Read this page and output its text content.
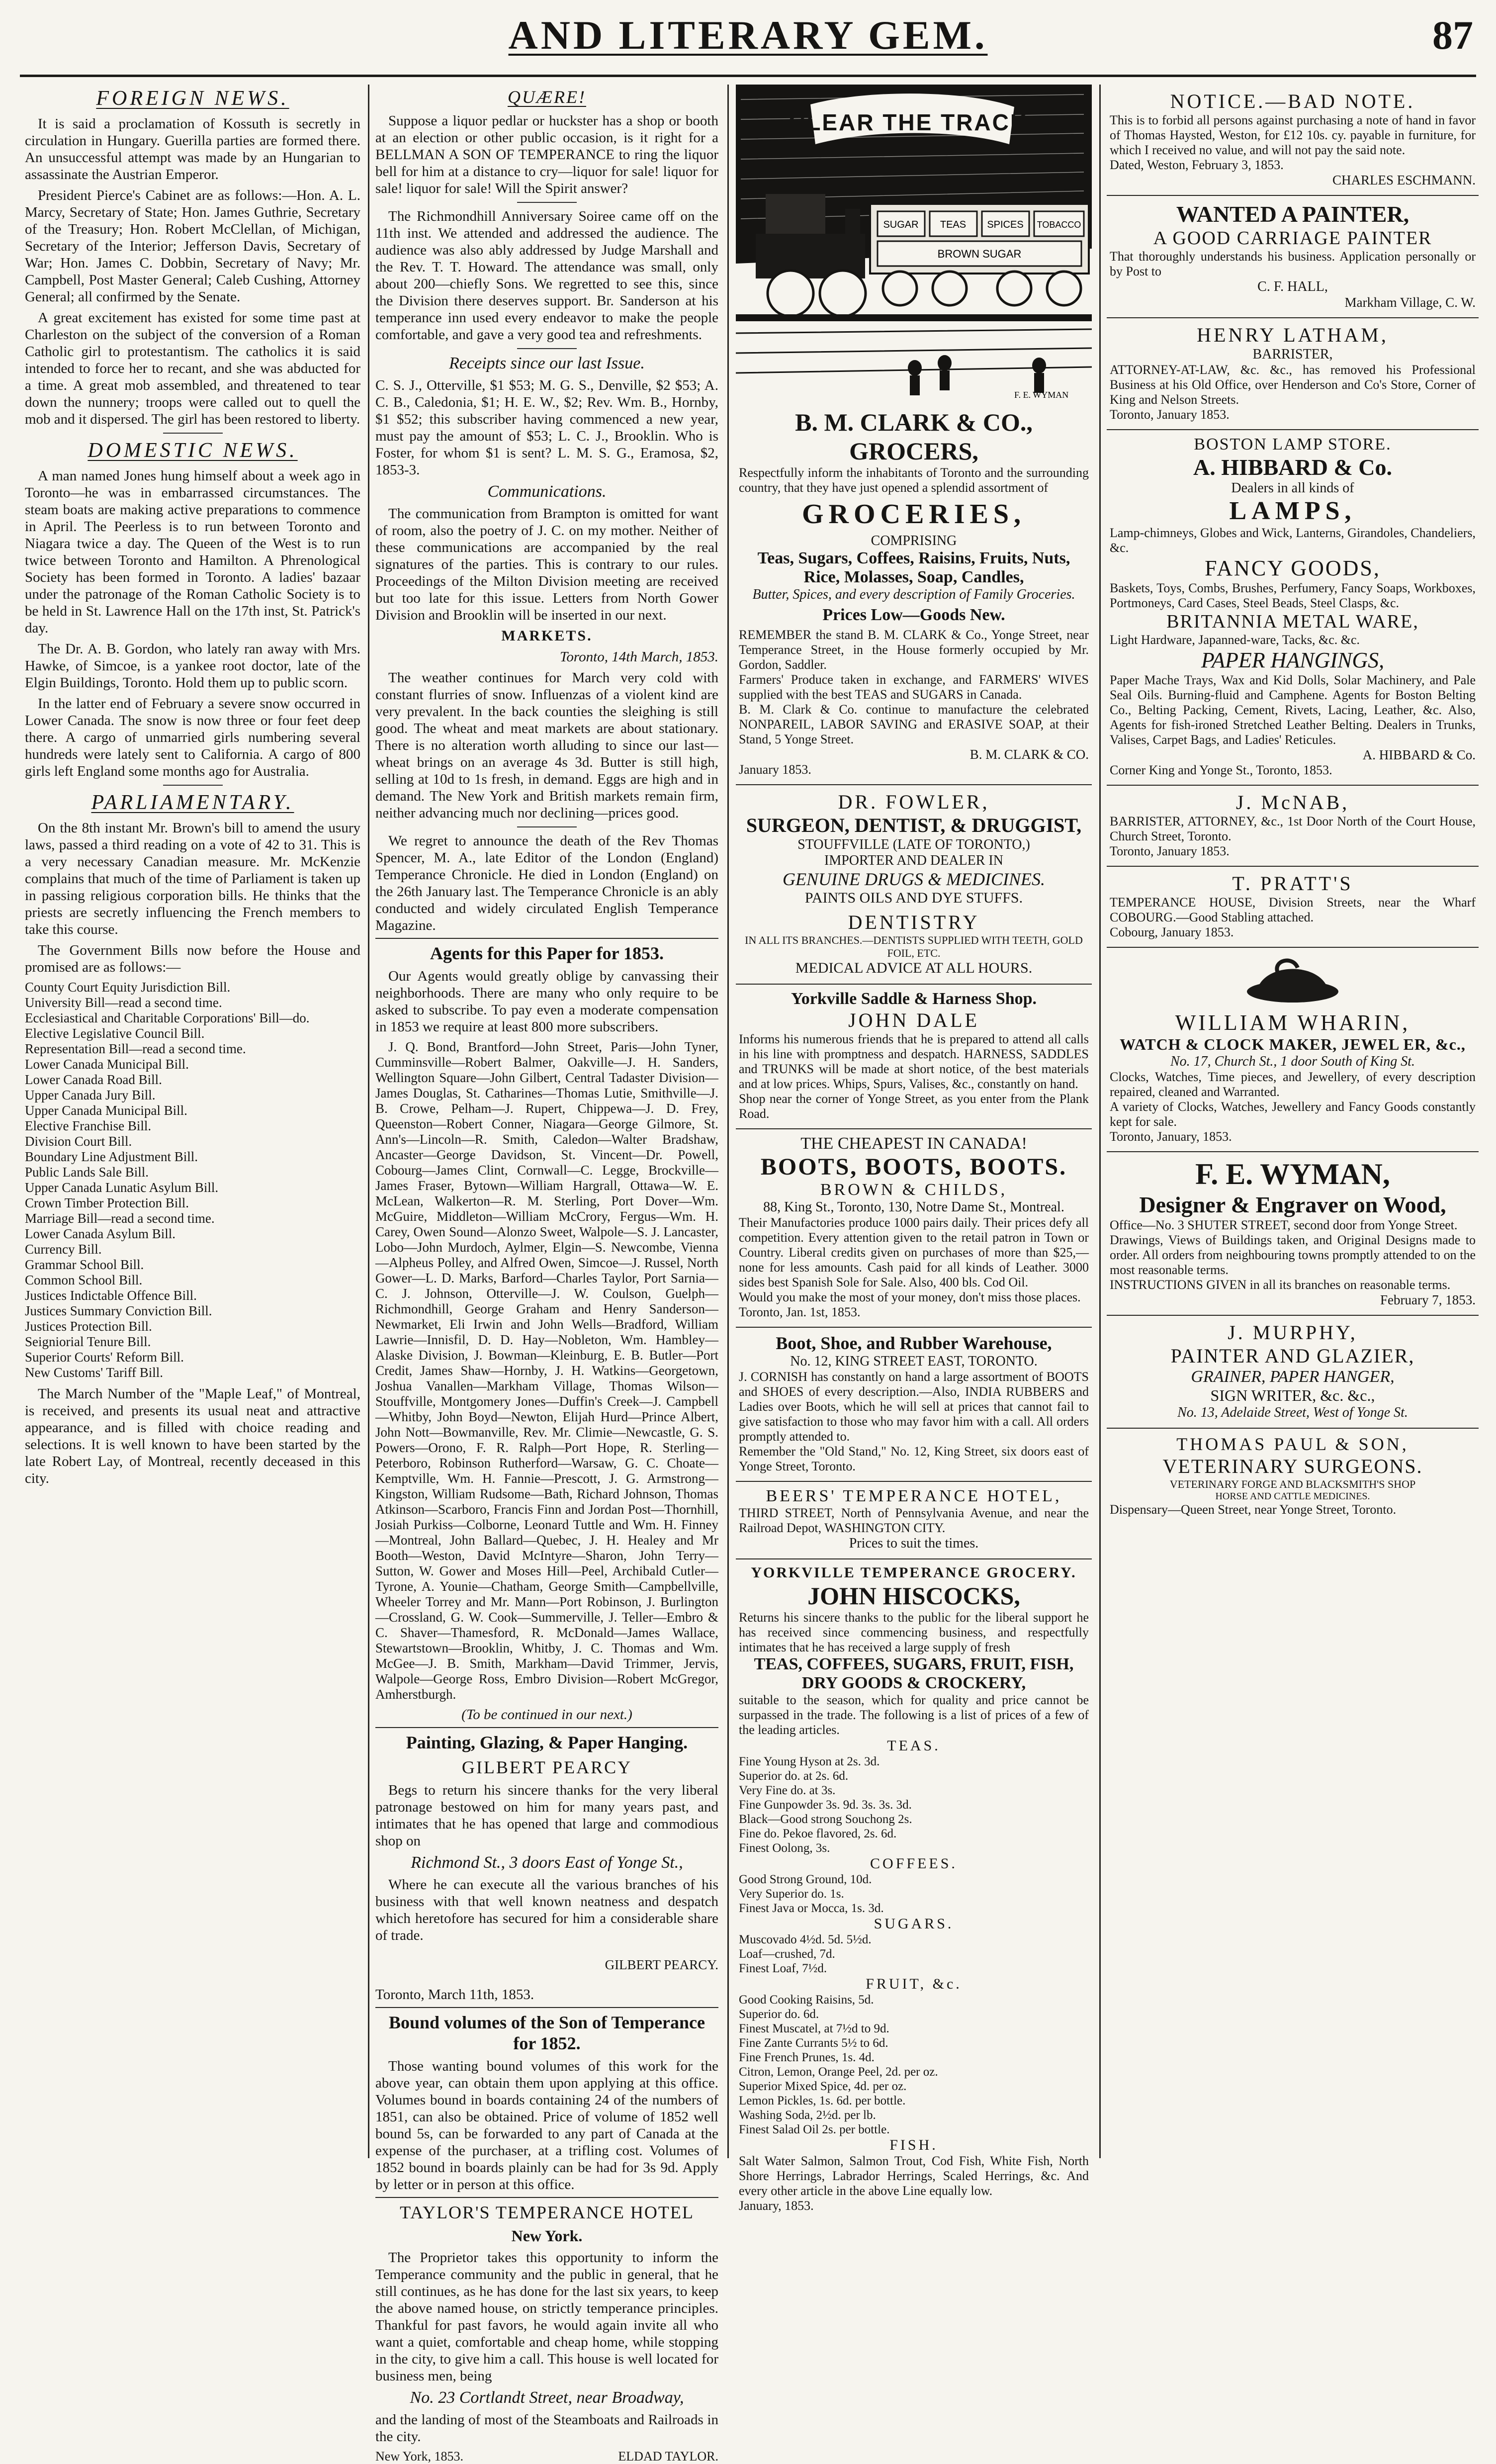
AND LITERARY GEM.	87
FOREIGN NEWS.

It is said a proclamation of Kossuth is secretly in circulation in Hungary. Guerilla parties are formed there. An unsuccessful attempt was made by an Hungarian to assassinate the Austrian Emperor.

President Pierce's Cabinet are as follows:—Hon. A. L. Marcy, Secretary of State; Hon. James Guthrie, Secretary of the Treasury; Hon. Robert McClellan, of Michigan, Secretary of the Interior; Jefferson Davis, Secretary of War; Hon. James C. Dobbin, Secretary of Navy; Mr. Campbell, Post Master General; Caleb Cushing, Attorney General; all confirmed by the Senate.

A great excitement has existed for some time past at Charleston on the subject of the conversion of a Roman Catholic girl to protestantism. The catholics it is said intended to force her to recant, and she was abducted for a time. A great mob assembled, and threatened to tear down the nunnery; troops were called out to quell the mob and it dispersed. The girl has been restored to liberty.

DOMESTIC NEWS.

A man named Jones hung himself about a week ago in Toronto—he was in embarrassed circumstances. The steam boats are making active preparations to commence in April. The Peerless is to run between Toronto and Niagara twice a day. The Queen of the West is to run twice between Toronto and Hamilton. A Phrenological Society has been formed in Toronto. A ladies' bazaar under the patronage of the Roman Catholic Society is to be held in St. Lawrence Hall on the 17th inst, St. Patrick's day.

The Dr. A. B. Gordon, who lately ran away with Mrs. Hawke, of Simcoe, is a yankee root doctor, late of the Elgin Buildings, Toronto. Hold them up to public scorn.

In the latter end of February a severe snow occurred in Lower Canada. The snow is now three or four feet deep there. A cargo of unmarried girls numbering several hundreds were lately sent to California. A cargo of 800 girls left England some months ago for Australia.

PARLIAMENTARY.

On the 8th instant Mr. Brown's bill to amend the usury laws, passed a third reading on a vote of 42 to 31. This is a very necessary Canadian measure. Mr. McKenzie complains that much of the time of Parliament is taken up in passing religious corporation bills. He thinks that the priests are secretly influencing the French members to take this course.

The Government Bills now before the House and promised are as follows:—

County Court Equity Jurisdiction Bill.
University Bill—read a second time.
Ecclesiastical and Charitable Corporations' Bill—do.
Elective Legislative Council Bill.
Representation Bill—read a second time.
Lower Canada Municipal Bill.
Lower Canada Road Bill.
Upper Canada Jury Bill.
Upper Canada Municipal Bill.
Elective Franchise Bill.
Division Court Bill.
Boundary Line Adjustment Bill.
Public Lands Sale Bill.
Upper Canada Lunatic Asylum Bill.
Crown Timber Protection Bill.
Marriage Bill—read a second time.
Lower Canada Asylum Bill.
Currency Bill.
Grammar School Bill.
Common School Bill.
Justices Indictable Offence Bill.
Justices Summary Conviction Bill.
Justices Protection Bill.
Seigniorial Tenure Bill.
Superior Courts' Reform Bill.
New Customs' Tariff Bill.

The March Number of the "Maple Leaf," of Montreal, is received, and presents its usual neat and attractive appearance, and is filled with choice reading and selections. It is well known to have been started by the late Robert Lay, of Montreal, recently deceased in this city.

QUÆRE!

Suppose a liquor pedlar or huckster has a shop or booth at an election or other public occasion, is it right for a BELLMAN A SON OF TEMPERANCE to ring the liquor bell for him at a distance to cry—liquor for sale! liquor for sale! liquor for sale! Will the Spirit answer?

The Richmondhill Anniversary Soiree came off on the 11th inst. We attended and addressed the audience. The audience was also ably addressed by Judge Marshall and the Rev. T. T. Howard. The attendance was small, only about 200—chiefly Sons. We regretted to see this, since the Division there deserves support. Br. Sanderson at his temperance inn used every endeavor to make the people comfortable, and gave a very good tea and refreshments.

Receipts since our last Issue.

C. S. J., Otterville, $1 $53; M. G. S., Denville, $2 $53; A. C. B., Caledonia, $1; H. E. W., $2; Rev. Wm. B., Hornby, $1 $52; this subscriber having commenced a new year, must pay the amount of $53; L. C. J., Brooklin. Who is Foster, for whom $1 is sent? L. M. S. G., Eramosa, $2, 1853-3.

Communications.

The communication from Brampton is omitted for want of room, also the poetry of J. C. on my mother. Neither of these communications are accompanied by the real signatures of the parties. This is contrary to our rules. Proceedings of the Milton Division meeting are received but too late for this issue. Letters from North Gower Division and Brooklin will be inserted in our next.

MARKETS.

Toronto, 14th March, 1853.

The weather continues for March very cold with constant flurries of snow. Influenzas of a violent kind are very prevalent. In the back counties the sleighing is still good. The wheat and meat markets are about stationary. There is no alteration worth alluding to since our last—wheat brings on an average 4s 3d. Butter is still high, selling at 10d to 1s fresh, in demand. Eggs are high and in demand. The New York and British markets remain firm, neither advancing much nor declining—prices good.

We regret to announce the death of the Rev Thomas Spencer, M. A., late Editor of the London (England) Temperance Chronicle. He died in London (England) on the 26th January last. The Temperance Chronicle is an ably conducted and widely circulated English Temperance Magazine.

Agents for this Paper for 1853.

Our Agents would greatly oblige by canvassing their neighborhoods. There are many who only require to be asked to subscribe. To pay even a moderate compensation in 1853 we require at least 800 more subscribers.

J. Q. Bond, Brantford—John Street, Paris—John Tyner, Cumminsville—Robert Balmer, Oakville—J. H. Sanders, Wellington Square—John Gilbert, Central Tadaster Division—James Douglas, St. Catharines—Thomas Lutie, Smithville—J. B. Crowe, Pelham—J. Rupert, Chippewa—J. D. Frey, Queenston—Robert Conner, Niagara—George Gilmore, St. Ann's—Lincoln—R. Smith, Caledon—Walter Bradshaw, Ancaster—George Davidson, St. Vincent—Dr. Powell, Cobourg—James Clint, Cornwall—C. Legge, Brockville—James Fraser, Bytown—William Hargrall, Ottawa—W. E. McLean, Walkerton—R. M. Sterling, Port Dover—Wm. McGuire, Middleton—William McCrory, Fergus—Wm. H. Carey, Owen Sound—Alonzo Sweet, Walpole—S. J. Lancaster, Lobo—John Murdoch, Aylmer, Elgin—S. Newcombe, Vienna—Alpheus Polley, and Alfred Owen, Simcoe—J. Russel, North Gower—L. D. Marks, Barford—Charles Taylor, Port Sarnia—C. J. Johnson, Otterville—J. W. Coulson, Guelph—Richmondhill, George Graham and Henry Sanderson—Newmarket, Eli Irwin and John Wells—Bradford, William Lawrie—Innisfil, D. D. Hay—Nobleton, Wm. Hambley—Alaske Division, J. Bowman—Kleinburg, E. B. Butler—Port Credit, James Shaw—Hornby, J. H. Watkins—Georgetown, Joshua Vanallen—Markham Village, Thomas Wilson—Stouffville, Montgomery Jones—Duffin's Creek—J. Campbell—Whitby, John Boyd—Newton, Elijah Hurd—Prince Albert, John Nott—Bowmanville, Rev. Mr. Climie—Newcastle, G. S. Powers—Orono, F. R. Ralph—Port Hope, R. Sterling—Peterboro, Robinson Rutherford—Warsaw, G. C. Choate—Kemptville, Wm. H. Fannie—Prescott, J. G. Armstrong—Kingston, William Rudsome—Bath, Richard Johnson, Thomas Atkinson—Scarboro, Francis Finn and Jordan Post—Thornhill, Josiah Purkiss—Colborne, Leonard Tuttle and Wm. H. Finney—Montreal, John Ballard—Quebec, J. H. Healey and Mr Booth—Weston, David McIntyre—Sharon, John Terry—Sutton, W. Gower and Moses Hill—Peel, Archibald Cutler—Tyrone, A. Younie—Chatham, George Smith—Campbellville, Wheeler Torrey and Mr. Mann—Port Robinson, J. Burlington—Crossland, G. W. Cook—Summerville, J. Teller—Embro & C. Shaver—Thamesford, R. McDonald—James Wallace, Stewartstown—Brooklin, Whitby, J. C. Thomas and Wm. McGee—J. B. Smith, Markham—David Trimmer, Jervis, Walpole—George Ross, Embro Division—Robert McGregor, Amherstburgh.

(To be continued in our next.)

Painting, Glazing, & Paper Hanging.
GILBERT PEARCY

Begs to return his sincere thanks for the very liberal patronage bestowed on him for many years past, and intimates that he has opened that large and commodious shop on

Richmond St., 3 doors East of Yonge St.,

Where he can execute all the various branches of his business with that well known neatness and despatch which heretofore has secured for him a considerable share of trade.

GILBERT PEARCY.

Toronto, March 11th, 1853.

Bound volumes of the Son of Temperance for 1852.

Those wanting bound volumes of this work for the above year, can obtain them upon applying at this office. Volumes bound in boards containing 24 of the numbers of 1851, can also be obtained. Price of volume of 1852 well bound 5s, can be forwarded to any part of Canada at the expense of the purchaser, at a trifling cost. Volumes of 1852 bound in boards plainly can be had for 3s 9d. Apply by letter or in person at this office.

TAYLOR'S TEMPERANCE HOTEL
New York.

The Proprietor takes this opportunity to inform the Temperance community and the public in general, that he still continues, as he has done for the last six years, to keep the above named house, on strictly temperance principles. Thankful for past favors, he would again invite all who want a quiet, comfortable and cheap home, while stopping in the city, to give him a call. This house is well located for business men, being

No. 23 Cortlandt Street, near Broadway,

and the landing of most of the Steamboats and Railroads in the city.

New York, 1853.	ELDAD TAYLOR.
CLEAR THE TRACK.
SUGAR TEAS SPICES TOBACCO
BROWN SUGAR
F. E. WYMAN
B. M. CLARK & CO., GROCERS,
Respectfully inform the inhabitants of Toronto and the surrounding country, that they have just opened a splendid assortment of
GROCERIES,
COMPRISING
Teas, Sugars, Coffees, Raisins, Fruits, Nuts, Rice, Molasses, Soap, Candles,
Butter, Spices, and every description of Family Groceries.
Prices Low—Goods New.
REMEMBER the stand B. M. CLARK & Co., Yonge Street, near Temperance Street, in the House formerly occupied by Mr. Gordon, Saddler.
Farmers' Produce taken in exchange, and FARMERS' WIVES supplied with the best TEAS and SUGARS in Canada.
B. M. Clark & Co. continue to manufacture the celebrated NONPAREIL, LABOR SAVING and ERASIVE SOAP, at their Stand, 5 Yonge Street.
B. M. CLARK & CO.
January 1853.
DR. FOWLER,
SURGEON, DENTIST, & DRUGGIST,
STOUFFVILLE (LATE OF TORONTO,)
IMPORTER AND DEALER IN
GENUINE DRUGS & MEDICINES.
PAINTS OILS AND DYE STUFFS.
DENTISTRY
IN ALL ITS BRANCHES.—DENTISTS SUPPLIED WITH TEETH, GOLD FOIL, ETC.
MEDICAL ADVICE AT ALL HOURS.
Yorkville Saddle & Harness Shop.
JOHN DALE
Informs his numerous friends that he is prepared to attend all calls in his line with promptness and despatch. HARNESS, SADDLES and TRUNKS will be made at short notice, of the best materials and at low prices. Whips, Spurs, Valises, &c., constantly on hand.
Shop near the corner of Yonge Street, as you enter from the Plank Road.
THE CHEAPEST IN CANADA!
BOOTS, BOOTS, BOOTS.
BROWN & CHILDS,
88, King St., Toronto, 130, Notre Dame St., Montreal.
Their Manufactories produce 1000 pairs daily. Their prices defy all competition. Every attention given to the retail patron in Town or Country. Liberal credits given on purchases of more than $25,—none for less amounts. Cash paid for all kinds of Leather. 3000 sides best Spanish Sole for Sale. Also, 400 bls. Cod Oil.
Would you make the most of your money, don't miss those places.
Toronto, Jan. 1st, 1853.
Boot, Shoe, and Rubber Warehouse,
No. 12, KING STREET EAST, TORONTO.
J. CORNISH has constantly on hand a large assortment of BOOTS and SHOES of every description.—Also, INDIA RUBBERS and Ladies over Boots, which he will sell at prices that cannot fail to give satisfaction to those who may favor him with a call. All orders promptly attended to.
Remember the "Old Stand," No. 12, King Street, six doors east of Yonge Street, Toronto.
BEERS' TEMPERANCE HOTEL,
THIRD STREET, North of Pennsylvania Avenue, and near the Railroad Depot, WASHINGTON CITY.
Prices to suit the times.
YORKVILLE TEMPERANCE GROCERY.
JOHN HISCOCKS,
Returns his sincere thanks to the public for the liberal support he has received since commencing business, and respectfully intimates that he has received a large supply of fresh
TEAS, COFFEES, SUGARS, FRUIT, FISH, DRY GOODS & CROCKERY,
suitable to the season, which for quality and price cannot be surpassed in the trade. The following is a list of prices of a few of the leading articles.
TEAS.
Fine Young Hyson at 2s. 3d.
Superior do. at 2s. 6d.
Very Fine do. at 3s.
Fine Gunpowder 3s. 9d. 3s. 3s. 3d.
Black—Good strong Souchong 2s.
Fine do. Pekoe flavored, 2s. 6d.
Finest Oolong, 3s.
COFFEES.
Good Strong Ground, 10d.
Very Superior do. 1s.
Finest Java or Mocca, 1s. 3d.
SUGARS.
Muscovado 4½d. 5d. 5½d.
Loaf—crushed, 7d.
Finest Loaf, 7½d.
FRUIT, &c.
Good Cooking Raisins, 5d.
Superior do. 6d.
Finest Muscatel, at 7½d to 9d.
Fine Zante Currants 5½ to 6d.
Fine French Prunes, 1s. 4d.
Citron, Lemon, Orange Peel, 2d. per oz.
Superior Mixed Spice, 4d. per oz.
Lemon Pickles, 1s. 6d. per bottle.
Washing Soda, 2½d. per lb.
Finest Salad Oil 2s. per bottle.
FISH.
Salt Water Salmon, Salmon Trout, Cod Fish, White Fish, North Shore Herrings, Labrador Herrings, Scaled Herrings, &c. And every other article in the above Line equally low.
January, 1853.
NOTICE.—BAD NOTE.
This is to forbid all persons against purchasing a note of hand in favor of Thomas Haysted, Weston, for £12 10s. cy. payable in furniture, for which I received no value, and will not pay the said note.
Dated, Weston, February 3, 1853.
CHARLES ESCHMANN.
WANTED A PAINTER,
A GOOD CARRIAGE PAINTER
That thoroughly understands his business. Application personally or by Post to
C. F. HALL,
Markham Village, C. W.
HENRY LATHAM,
BARRISTER,
ATTORNEY-AT-LAW, &c. &c., has removed his Professional Business at his Old Office, over Henderson and Co's Store, Corner of King and Nelson Streets.
Toronto, January 1853.
BOSTON LAMP STORE.
A. HIBBARD & Co.
Dealers in all kinds of
LAMPS,
Lamp-chimneys, Globes and Wick, Lanterns, Girandoles, Chandeliers, &c.
FANCY GOODS,
Baskets, Toys, Combs, Brushes, Perfumery, Fancy Soaps, Workboxes, Portmoneys, Card Cases, Steel Beads, Steel Clasps, &c.
BRITANNIA METAL WARE,
Light Hardware, Japanned-ware, Tacks, &c. &c.
PAPER HANGINGS,
Paper Mache Trays, Wax and Kid Dolls, Solar Machinery, and Pale Seal Oils. Burning-fluid and Camphene. Agents for Boston Belting Co., Belting Packing, Cement, Rivets, Lacing, Leather, &c. Also, Agents for fish-ironed Stretched Leather Belting. Dealers in Trunks, Valises, Carpet Bags, and Ladies' Reticules.
A. HIBBARD & Co.
Corner King and Yonge St., Toronto, 1853.
J. McNAB,
BARRISTER, ATTORNEY, &c., 1st Door North of the Court House, Church Street, Toronto.
Toronto, January 1853.
T. PRATT'S
TEMPERANCE HOUSE, Division Streets, near the Wharf COBOURG.—Good Stabling attached.
Cobourg, January 1853.
WILLIAM WHARIN,
WATCH & CLOCK MAKER, JEWEL ER, &c.,
No. 17, Church St., 1 door South of King St.
Clocks, Watches, Time pieces, and Jewellery, of every description repaired, cleaned and Warranted.
A variety of Clocks, Watches, Jewellery and Fancy Goods constantly kept for sale.
Toronto, January, 1853.
F. E. WYMAN,
Designer & Engraver on Wood,
Office—No. 3 SHUTER STREET, second door from Yonge Street.
Drawings, Views of Buildings taken, and Original Designs made to order. All orders from neighbouring towns promptly attended to on the most reasonable terms.
INSTRUCTIONS GIVEN in all its branches on reasonable terms.
February 7, 1853.
J. MURPHY,
PAINTER AND GLAZIER,
GRAINER, PAPER HANGER,
SIGN WRITER, &c. &c.,
No. 13, Adelaide Street, West of Yonge St.
THOMAS PAUL & SON,
VETERINARY SURGEONS.
VETERINARY FORGE AND BLACKSMITH'S SHOP
HORSE AND CATTLE MEDICINES.
Dispensary—Queen Street, near Yonge Street, Toronto.
